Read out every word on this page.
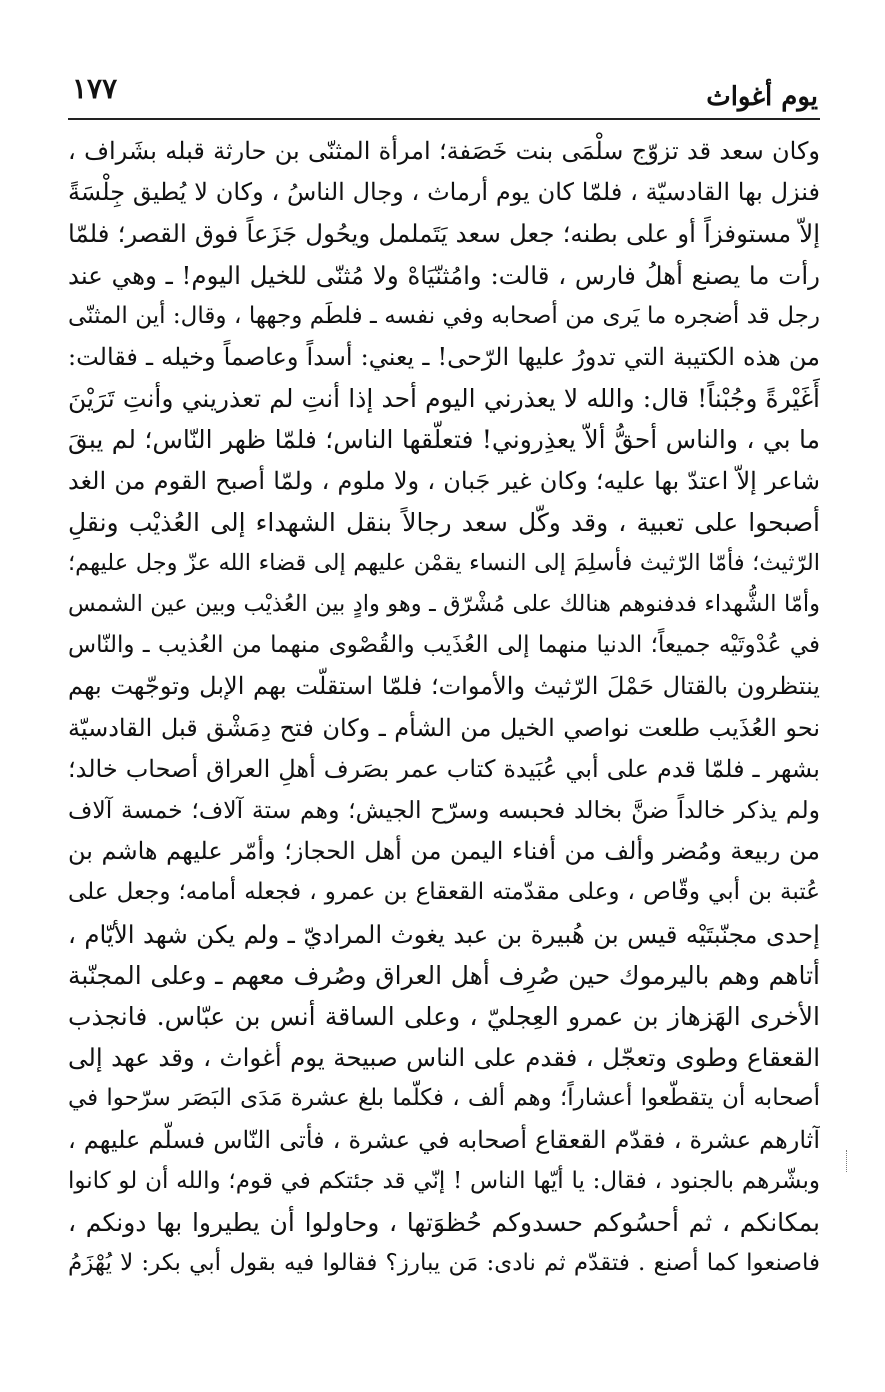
يوم أغواث
١٧٧
وكان سعد قد تزوّج سلْمَى بنت خَصَفة؛ امرأة المثنّى بن حارثة قبله بشَراف ،
فنزل بها القادسيّة ، فلمّا كان يوم أرماث ، وجال الناسُ ، وكان لا يُطيق جِلْسَةً
إلاّ مستوفزاً أو على بطنه؛ جعل سعد يَتَململ ويحُول جَزَعاً فوق القصر؛ فلمّا
رأت ما يصنع أهلُ فارس ، قالت: وامُثنّيَاهْ ولا مُثنّى للخيل اليوم! ـ وهي عند
رجل قد أضجره ما يَرى من أصحابه وفي نفسه ـ فلطَم وجهها ، وقال: أين المثنّى
من هذه الكتيبة التي تدورُ عليها الرّحى! ـ يعني: أسداً وعاصماً وخيله ـ فقالت:
أَغَيْرةً وجُبْناً! قال: والله لا يعذرني اليوم أحد إذا أنتِ لم تعذريني وأنتِ تَرَيْنَ
ما بي ، والناس أحقُّ ألاّ يعذِروني! فتعلّقها الناس؛ فلمّا ظهر النّاس؛ لم يبقَ
شاعر إلاّ اعتدّ بها عليه؛ وكان غير جَبان ، ولا ملوم ، ولمّا أصبح القوم من الغد
أصبحوا على تعبية ، وقد وكّل سعد رجالاً بنقل الشهداء إلى العُذيْب ونقلِ
الرّثيث؛ فأمّا الرّثيث فأسلِمَ إلى النساء يقمْن عليهم إلى قضاء الله عزّ وجل عليهم؛
وأمّا الشُّهداء فدفنوهم هنالك على مُشْرّق ـ وهو وادٍ بين العُذيْب وبين عين الشمس
في عُدْوتَيْه جميعاً؛ الدنيا منهما إلى العُذَيب والقُصْوى منهما من العُذيب ـ والنّاس
ينتظرون بالقتال حَمْلَ الرّثيث والأموات؛ فلمّا استقلّت بهم الإبل وتوجّهت بهم
نحو العُذَيب طلعت نواصي الخيل من الشأم ـ وكان فتح دِمَشْق قبل القادسيّة
بشهر ـ فلمّا قدم على أبي عُبَيدة كتاب عمر بصَرف أهلِ العراق أصحاب خالد؛
ولم يذكر خالداً ضنَّ بخالد فحبسه وسرّح الجيش؛ وهم ستة آلاف؛ خمسة آلاف
من ربيعة ومُضر وألف من أفناء اليمن من أهل الحجاز؛ وأمّر عليهم هاشم بن
عُتبة بن أبي وقّاص ، وعلى مقدّمته القعقاع بن عمرو ، فجعله أمامه؛ وجعل على
إحدى مجنّبتَيْه قيس بن هُبيرة بن عبد يغوث المراديّ ـ ولم يكن شهد الأيّام ،
أتاهم وهم باليرموك حين صُرِف أهل العراق وصُرف معهم ـ وعلى المجنّبة
الأخرى الهَزهاز بن عمرو العِجليّ ، وعلى الساقة أنس بن عبّاس. فانجذب
القعقاع وطوى وتعجّل ، فقدم على الناس صبيحة يوم أغواث ، وقد عهد إلى
أصحابه أن يتقطّعوا أعشاراً؛ وهم ألف ، فكلّما بلغ عشرة مَدَى البَصَر سرّحوا في
آثارهم عشرة ، فقدّم القعقاع أصحابه في عشرة ، فأتى النّاس فسلّم عليهم ،
وبشّرهم بالجنود ، فقال: يا أيّها الناس ! إنّي قد جئتكم في قوم؛ والله أن لو كانوا
بمكانكم ، ثم أحسُوكم حسدوكم حُظوَتها ، وحاولوا أن يطيروا بها دونكم ،
فاصنعوا كما أصنع . فتقدّم ثم نادى: مَن يبارز؟ فقالوا فيه بقول أبي بكر: لا يُهْزَمُ
